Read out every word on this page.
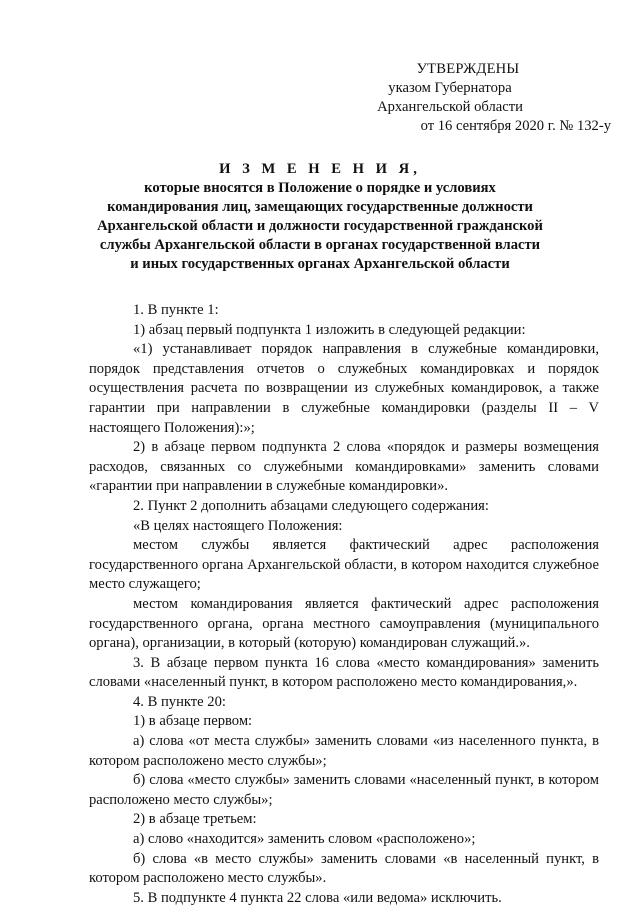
УТВЕРЖДЕНЫ
указом Губернатора
Архангельской области
от 16 сентября 2020 г. № 132-у
И З М Е Н Е Н И Я,
которые вносятся в Положение о порядке и условиях
командирования лиц, замещающих государственные должности
Архангельской области и должности государственной гражданской
службы Архангельской области в органах государственной власти
и иных государственных органах Архангельской области

1. В пункте 1:

1) абзац первый подпункта 1 изложить в следующей редакции:

«1) устанавливает порядок направления в служебные командировки, порядок представления отчетов о служебных командировках и порядок осуществления расчета по возвращении из служебных командировок, а также гарантии при направлении в служебные командировки (разделы II – V настоящего Положения):»;

2) в абзаце первом подпункта 2 слова «порядок и размеры возмещения расходов, связанных со служебными командировками» заменить словами «гарантии при направлении в служебные командировки».

2. Пункт 2 дополнить абзацами следующего содержания:

«В целях настоящего Положения:

местом службы является фактический адрес расположения государственного органа Архангельской области, в котором находится служебное место служащего;

местом командирования является фактический адрес расположения государственного органа, органа местного самоуправления (муниципального органа), организации, в который (которую) командирован служащий.».

3. В абзаце первом пункта 16 слова «место командирования» заменить словами «населенный пункт, в котором расположено место командирования,».

4. В пункте 20:

1) в абзаце первом:

а) слова «от места службы» заменить словами «из населенного пункта, в котором расположено место службы»;

б) слова «место службы» заменить словами «населенный пункт, в котором расположено место службы»;

2) в абзаце третьем:

а) слово «находится» заменить словом «расположено»;

б) слова «в место службы» заменить словами «в населенный пункт, в котором расположено место службы».

5. В подпункте 4 пункта 22 слова «или ведома» исключить.
